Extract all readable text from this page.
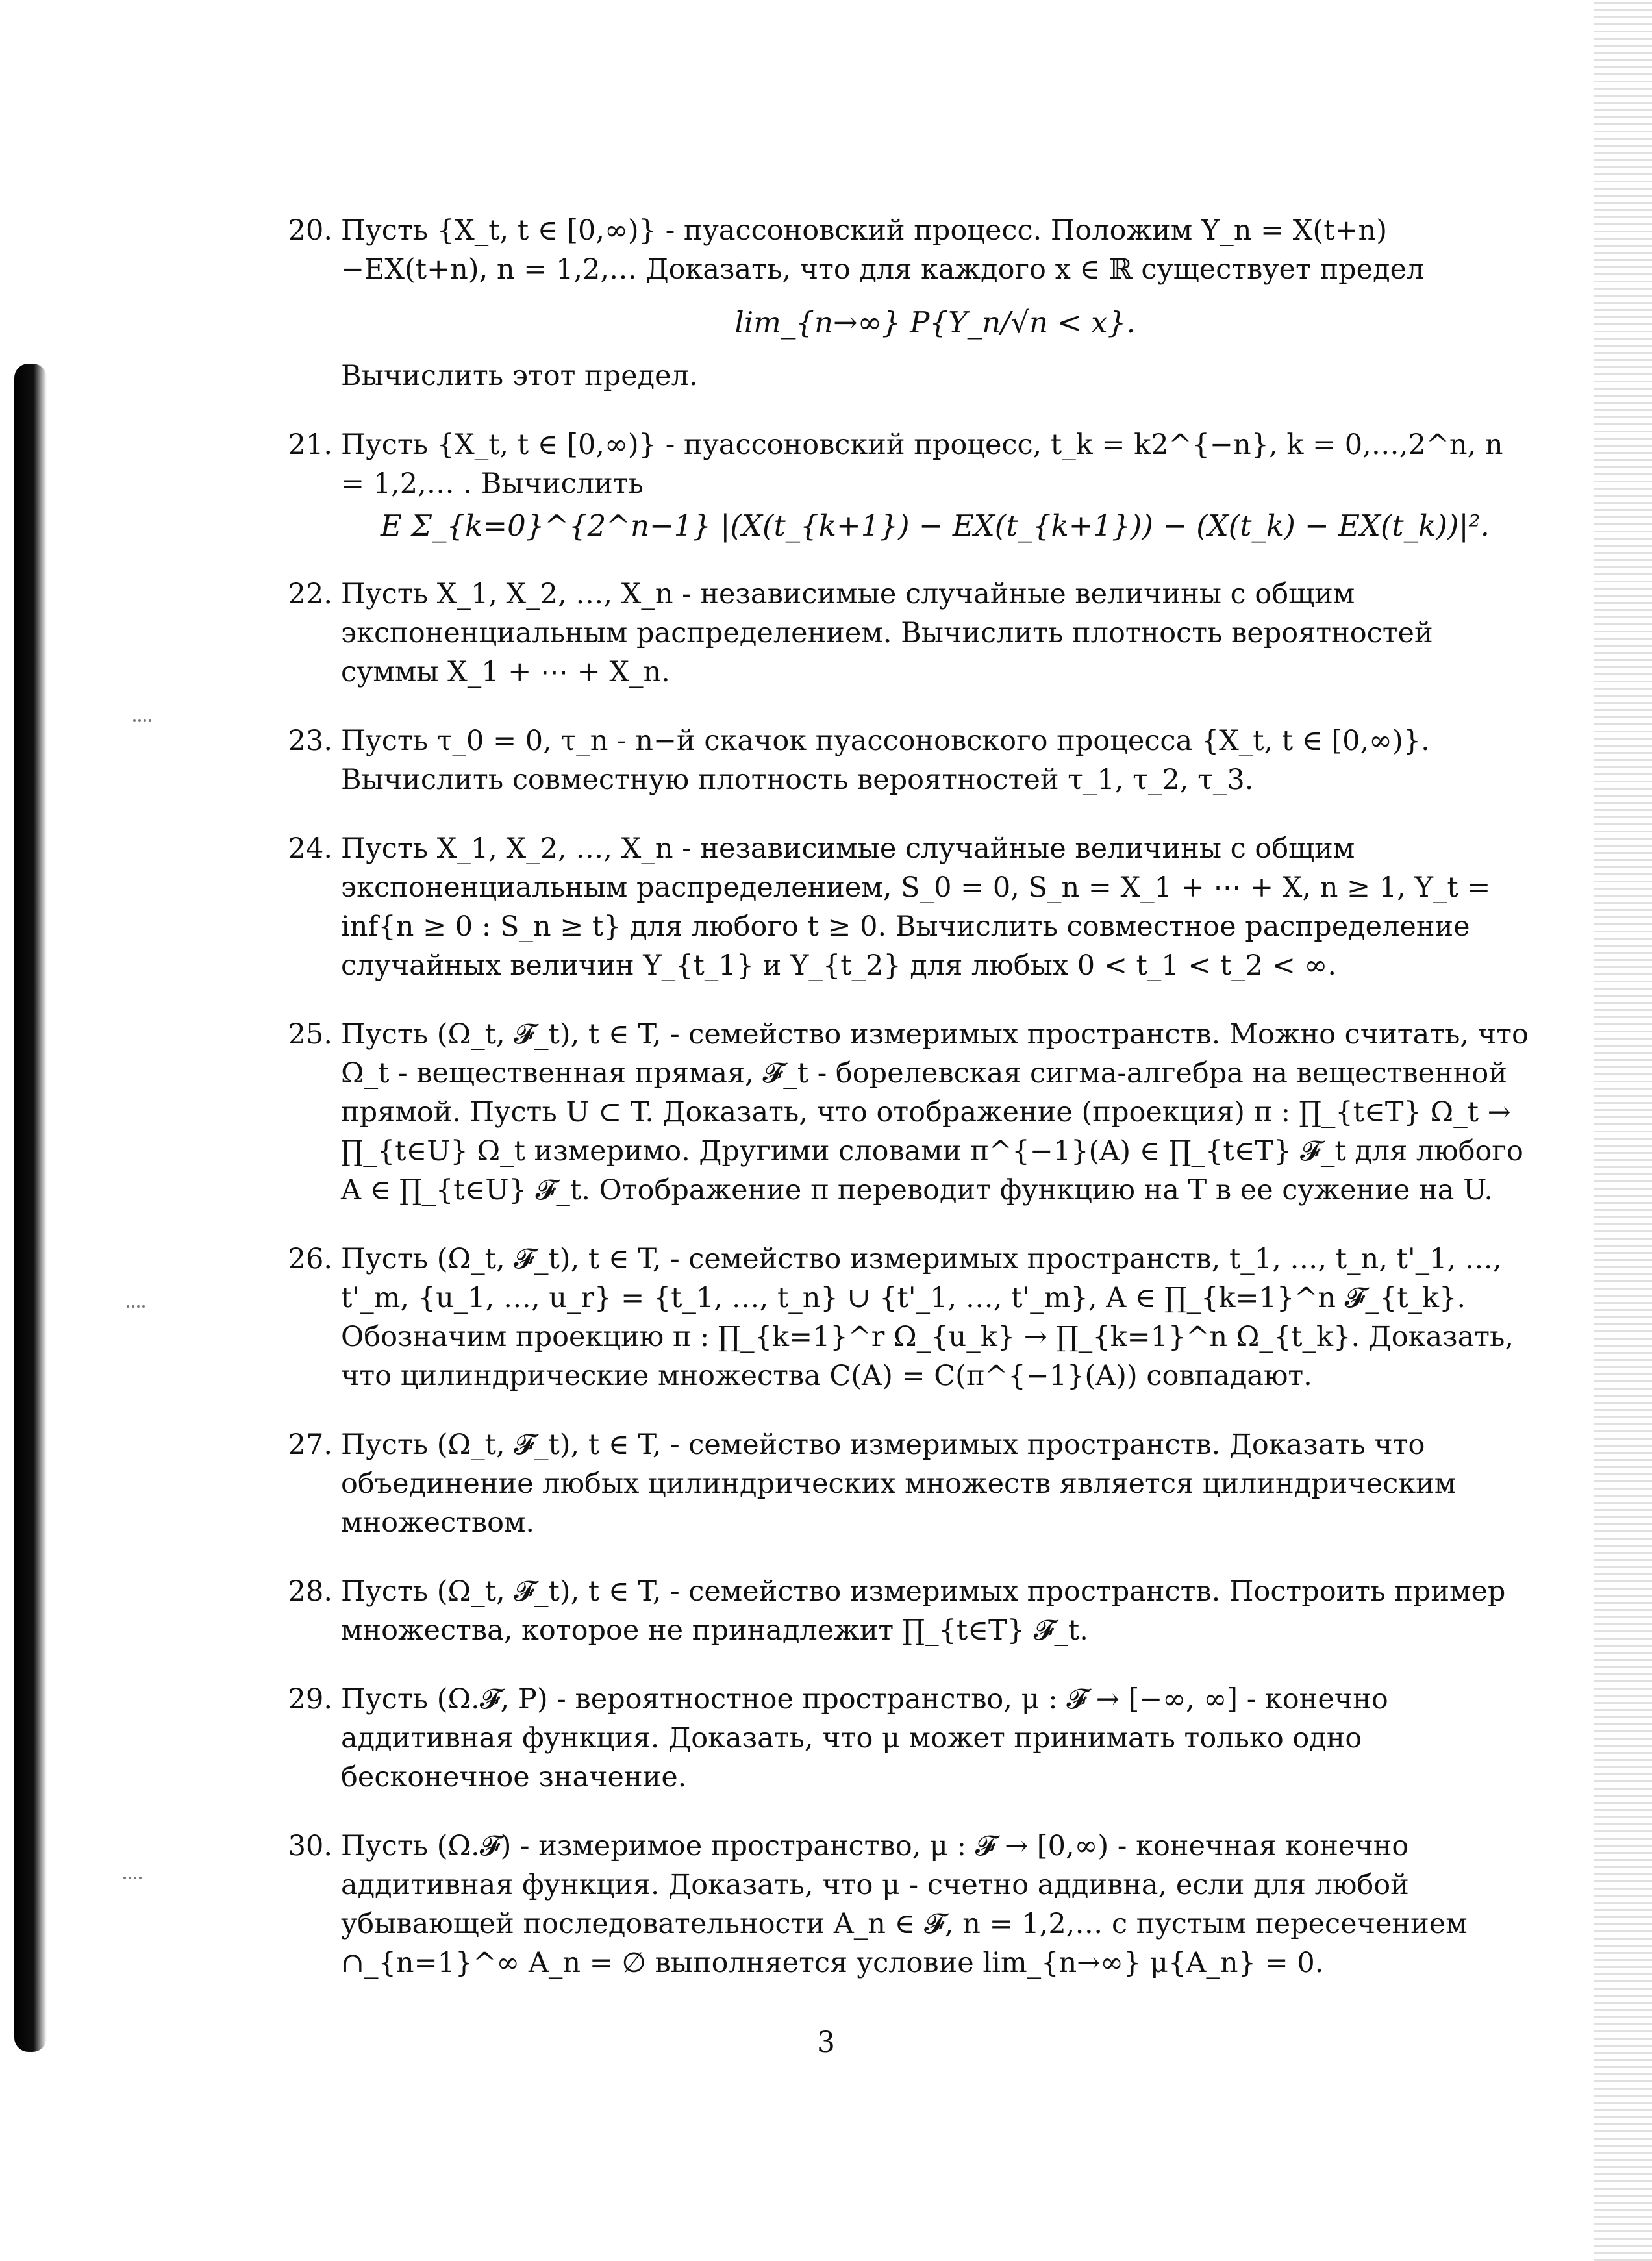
20. Пусть {X_t, t ∈ [0,∞)} - пуассоновский процесс. Положим Y_n = X(t+n)−EX(t+n), n = 1,2,… Доказать, что для каждого x ∈ ℝ существует предел
lim_{n→∞} P{Y_n/√n < x}.
Вычислить этот предел.
21. Пусть {X_t, t ∈ [0,∞)} - пуассоновский процесс, t_k = k2^{−n}, k = 0,…,2^n, n = 1,2,… . Вычислить
E Σ_{k=0}^{2^n−1} |(X(t_{k+1}) − EX(t_{k+1})) − (X(t_k) − EX(t_k))|².
22. Пусть X_1, X_2, …, X_n - независимые случайные величины с общим экспоненциальным распределением. Вычислить плотность вероятностей суммы X_1 + ⋯ + X_n.
23. Пусть τ_0 = 0, τ_n - n−й скачок пуассоновского процесса {X_t, t ∈ [0,∞)}. Вычислить совместную плотность вероятностей τ_1, τ_2, τ_3.
24. Пусть X_1, X_2, …, X_n - независимые случайные величины с общим экспоненциальным распределением, S_0 = 0, S_n = X_1 + ⋯ + X, n ≥ 1, Y_t = inf{n ≥ 0 : S_n ≥ t} для любого t ≥ 0. Вычислить совместное распределение случайных величин Y_{t_1} и Y_{t_2} для любых 0 < t_1 < t_2 < ∞.
25. Пусть (Ω_t, 𝓕_t), t ∈ T, - семейство измеримых пространств. Можно считать, что Ω_t - вещественная прямая, 𝓕_t - борелевская сигма-алгебра на вещественной прямой. Пусть U ⊂ T. Доказать, что отображение (проекция) π : ∏_{t∈T} Ω_t → ∏_{t∈U} Ω_t измеримо. Другими словами π^{−1}(A) ∈ ∏_{t∈T} 𝓕_t для любого A ∈ ∏_{t∈U} 𝓕_t. Отображение π переводит функцию на T в ее сужение на U.
26. Пусть (Ω_t, 𝓕_t), t ∈ T, - семейство измеримых пространств, t_1, …, t_n, t'_1, …, t'_m, {u_1, …, u_r} = {t_1, …, t_n} ∪ {t'_1, …, t'_m}, A ∈ ∏_{k=1}^n 𝓕_{t_k}. Обозначим проекцию π : ∏_{k=1}^r Ω_{u_k} → ∏_{k=1}^n Ω_{t_k}. Доказать, что цилиндрические множества C(A) = C(π^{−1}(A)) совпадают.
27. Пусть (Ω_t, 𝓕_t), t ∈ T, - семейство измеримых пространств. Доказать что объединение любых цилиндрических множеств является цилиндрическим множеством.
28. Пусть (Ω_t, 𝓕_t), t ∈ T, - семейство измеримых пространств. Построить пример множества, которое не принадлежит ∏_{t∈T} 𝓕_t.
29. Пусть (Ω.𝓕, P) - вероятностное пространство, μ : 𝓕 → [−∞, ∞] - конечно аддитивная функция. Доказать, что μ может принимать только одно бесконечное значение.
30. Пусть (Ω.𝓕) - измеримое пространство, μ : 𝓕 → [0,∞) - конечная конечно аддитивная функция. Доказать, что μ - счетно аддивна, если для любой убывающей последовательности A_n ∈ 𝓕, n = 1,2,… с пустым пересечением ∩_{n=1}^∞ A_n = ∅ выполняется условие lim_{n→∞} μ{A_n} = 0.
3
